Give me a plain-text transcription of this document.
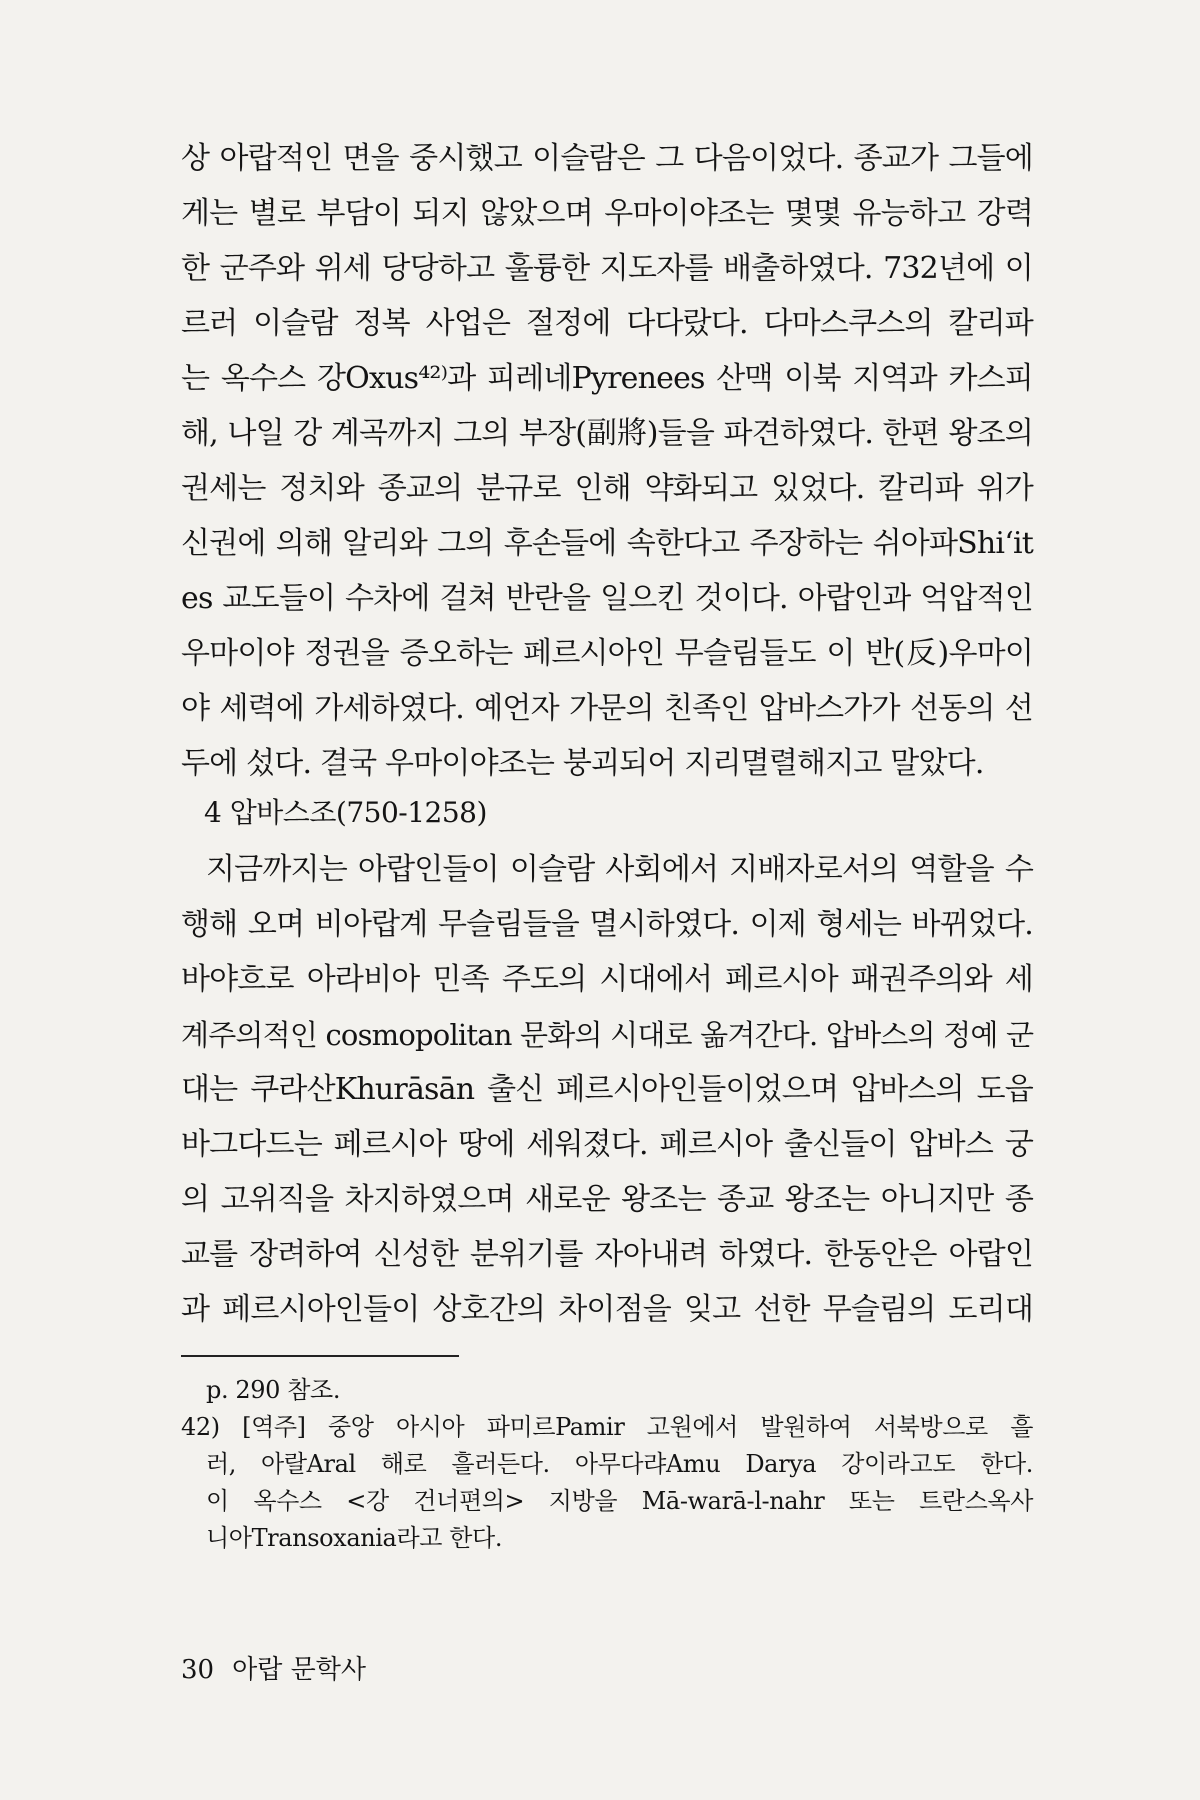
상 아랍적인 면을 중시했고 이슬람은 그 다음이었다. 종교가 그들에
게는 별로 부담이 되지 않았으며 우마이야조는 몇몇 유능하고 강력
한 군주와 위세 당당하고 훌륭한 지도자를 배출하였다. 732년에 이
르러 이슬람 정복 사업은 절정에 다다랐다. 다마스쿠스의 칼리파
는 옥수스 강Oxus⁴²⁾과 피레네Pyrenees 산맥 이북 지역과 카스피
해, 나일 강 계곡까지 그의 부장(副將)들을 파견하였다. 한편 왕조의
권세는 정치와 종교의 분규로 인해 약화되고 있었다. 칼리파 위가
신권에 의해 알리와 그의 후손들에 속한다고 주장하는 쉬아파Shi‘it
es 교도들이 수차에 걸쳐 반란을 일으킨 것이다. 아랍인과 억압적인
우마이야 정권을 증오하는 페르시아인 무슬림들도 이 반(反)우마이
야 세력에 가세하였다. 예언자 가문의 친족인 압바스가가 선동의 선
두에 섰다. 결국 우마이야조는 붕괴되어 지리멸렬해지고 말았다.
4 압바스조(750-1258)
지금까지는 아랍인들이 이슬람 사회에서 지배자로서의 역할을 수
행해 오며 비아랍계 무슬림들을 멸시하였다. 이제 형세는 바뀌었다.
바야흐로 아라비아 민족 주도의 시대에서 페르시아 패권주의와 세
계주의적인 cosmopolitan 문화의 시대로 옮겨간다. 압바스의 정예 군
대는 쿠라산Khurāsān 출신 페르시아인들이었으며 압바스의 도읍
바그다드는 페르시아 땅에 세워졌다. 페르시아 출신들이 압바스 궁
의 고위직을 차지하였으며 새로운 왕조는 종교 왕조는 아니지만 종
교를 장려하여 신성한 분위기를 자아내려 하였다. 한동안은 아랍인
과 페르시아인들이 상호간의 차이점을 잊고 선한 무슬림의 도리대
p. 290 참조.
42) [역주] 중앙 아시아 파미르Pamir 고원에서 발원하여 서북방으로 흘
러, 아랄Aral 해로 흘러든다. 아무다랴Amu Darya 강이라고도 한다.
이 옥수스 <강 건너편의> 지방을 Mā-warā-l-nahr 또는 트란스옥사
니아Transoxania라고 한다.
30 아랍 문학사
